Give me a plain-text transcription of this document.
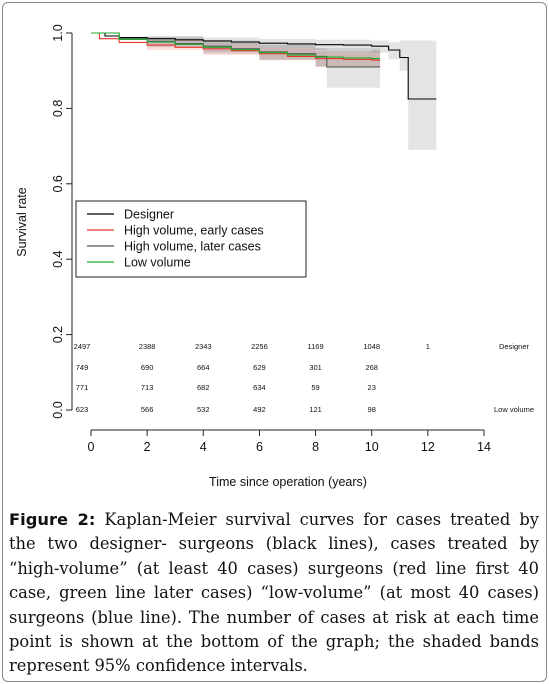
0	2	4	6	8	10	12	14
0.0
0.2
0.4
0.6
0.8
1.0
2497	2388	2343	2256	1169	1048	1	Designer
749	690	664	629	301	268
771	713	682	634	59	23
623	566	532	492	121	98	Low volume
Designer
High volume, early cases
High volume, later cases
Low volume
Time since operation (years)
Survival rate
Figure 2: Kaplan-Meier survival curves for cases treated by the two designer- surgeons (black lines), cases treated by “high-volume” (at least 40 cases) surgeons (red line first 40 case, green line later cases) “low-volume” (at most 40 cases) surgeons (blue line). The number of cases at risk at each time point is shown at the bottom of the graph; the shaded bands represent 95% confidence intervals.
